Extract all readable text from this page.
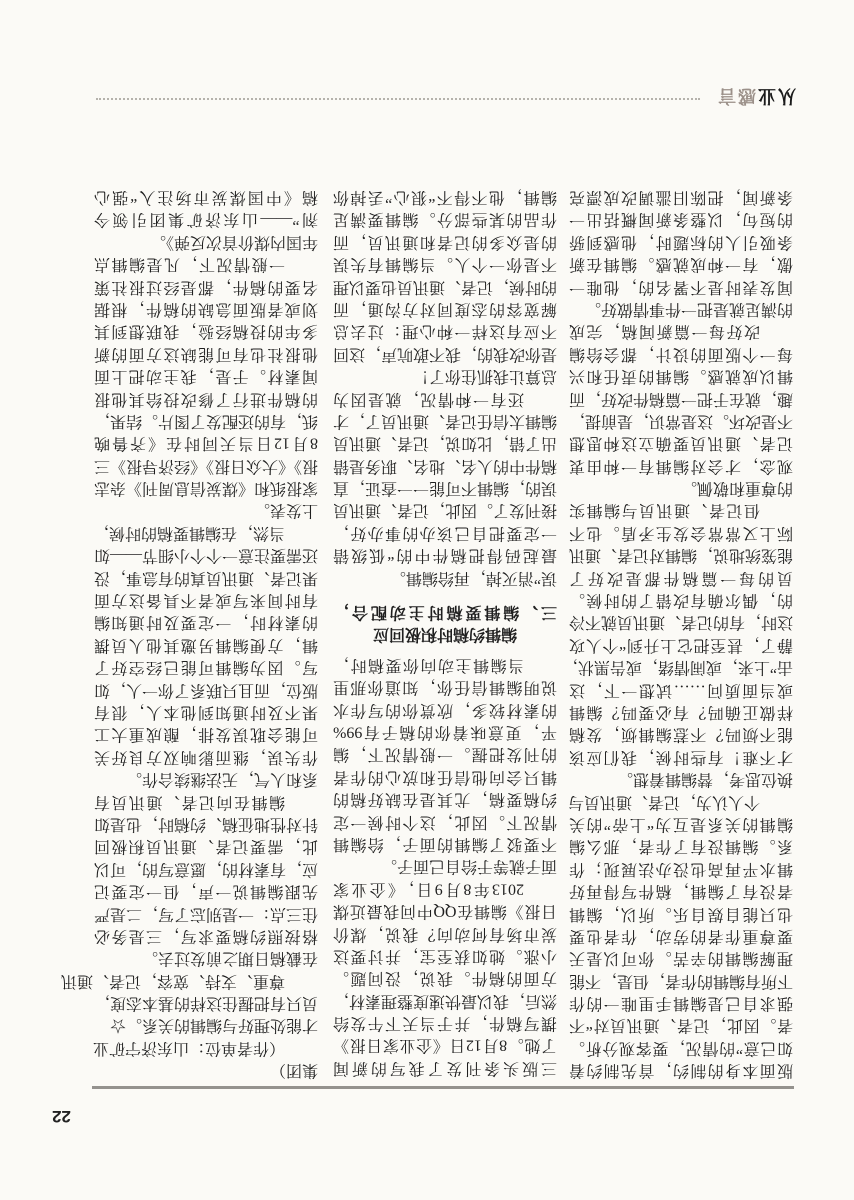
从业感言
稿《中国煤炭市场注入“强心
剂”——山东济矿集团引领今
年国内煤价首次反弹》。
一般情况下，凡是编辑点
名要的稿件，都是经过报社策
划或者版面急缺的稿件，根据
多年的投稿经验，我联想到其
他报社也有可能缺这方面的新
闻素材。于是，我主动把上面
的稿件进行了修改投给其他报
纸，有的还配发了图片。结果，
8月12日当天同时在《齐鲁晚
报》《大众日报》《经济导报》三
家报纸和《煤炭信息周刊》杂志
上发表。
当然，在编辑要稿的时候，
还需要注意一个个小细节——如
果记者、通讯员真的有急事，没
有时间来写或者不具备这方面
的素材时，一定要及时通知编
辑，方便编辑另邀其他人员撰
写。因为编辑可能已经空好了
版位，而且只联系了你一人，如
果不及时通知到他本人，很有
可能会耽误发排，酿成重大工
作失误，继而影响双方良好关
系和人气，无法继续合作。
编辑在向记者、通讯员有
针对性地征稿、约稿时，也是如
此，需要记者、通讯员积极回
应，有素材的，愿意写的，可以
先跟编辑说一声，但一定要记
住三点：一是别忘了写，二是严
格按照约稿要求写，三是务必
在截稿日期之前发过去。
尊重、支持、宽容，记者、通讯
员只有把握住这样的基本态度，
才能处理好与编辑的关系。☆
（作者单位：山东济宁矿业
集团）
编辑，他不得不“狠心”丢掉你
作品的某些部分。编辑要满足
的是众多的记者和通讯员，而
不是你一个人。当编辑有失误
的时候，记者、通讯员也要以理
解宽容的态度同对方沟通，而
不应有这样一种心理：过去总
是你改我的，我不敢吭声，这回
总算让我抓住你了！
还有一种情况，就是因为
编辑太信任记者、通讯员了，才
出了错，比如说，记者、通讯员
稿件中的人名、地名、职务是错
误的，编辑不可能一一查证，直
接刊发了。因此，记者、通讯员
一定要把自己该办的事办好，
最起码得把稿件中的“低级错
误”消灭掉，再给编辑。
三、编辑要稿时主动配合，
编辑约稿时积极回应
当编辑主动向你要稿时，
说明编辑信任你，知道你那里
的素材较多，欣赏你的写作水
平，更意味着你的稿子有99%
的刊发把握。一般情况下，编
辑只会向他信任和放心的作者
约稿要稿，尤其是在缺好稿的
情况下。因此，这个时候一定
不要驳了编辑的面子，给编辑
面子就等于给自己面子。
2013年8月9日，《企业家
日报》编辑在QQ中问我最近煤
炭市场有何动向？我说，煤价
小涨。她如获至宝，并讨要这
方面的稿件。我说，没问题。
然后，我以最快速度整理素材，
撰写稿件，并于当天下午发给
了她。8月12日《企业家日报》
三版头条刊发了我写的新闻
条新闻，把陈旧滥调改成漂亮
的短句，以整条新闻概括出一
条吸引人的标题时，他感到骄
傲，有一种成就感。编辑在新
闻发表时是不署名的，他唯一
的满足就是把一件事情做好。
改好每一篇新闻稿，完成
每一个版面的设计，都会给编
辑以成就感。编辑的责任和兴
趣，就在于把一篇稿件改好，而
不是改坏。这是常识，是前提，
记者、通讯员要确立这种思想
观念，才会对编辑有一种由衷
的尊重和敬佩。
但记者、通讯员与编辑实
际上又常常会发生矛盾。也不
能笼统地说，编辑对记者、通讯
员的每一篇稿件都是改好了
的，偶尔确有改错了的时候。
这时，有的记者、通讯员就不冷
静了，甚至把它上升到“个人攻
击”上来，或闹情绪，或告黑状，
或当面质问……试想一下，这
样做正确吗？有必要吗？编辑
能不烦吗？不惹编辑烦，发稿
才不难！有些时候，我们应该
换位思考，替编辑着想。
个人认为，记者、通讯员与
编辑的关系是互为“上帝”的关
系。编辑没有了作者，那么编
辑水平再高也没办法展现；作
者没有了编辑，稿件写得再好
也只能自娱自乐。所以，编辑
要尊重作者的劳动，作者也要
理解编辑的辛苦。你可以是天
下所有编辑的作者，但是，不能
强求自己是编辑手里唯一的作
者。因此，记者、通讯员对“不
如己意”的情况，要客观分析。
版面本身的制约，首先制约着
22
